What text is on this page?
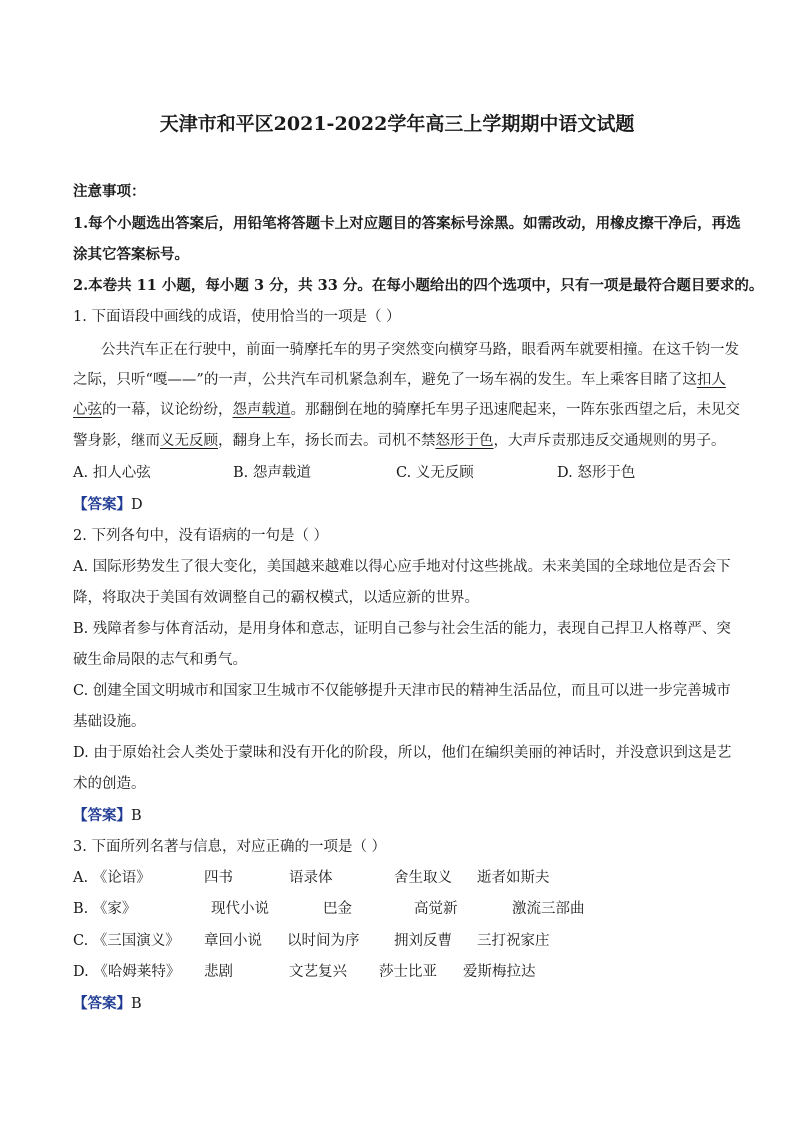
天津市和平区2021-2022学年高三上学期期中语文试题
注意事项：
1.每个小题选出答案后，用铅笔将答题卡上对应题目的答案标号涂黑。如需改动，用橡皮擦干净后，再选
涂其它答案标号。
2.本卷共 11 小题，每小题 3 分，共 33 分。在每小题给出的四个选项中，只有一项是最符合题目要求的。
1. 下面语段中画线的成语，使用恰当的一项是（ ）
公共汽车正在行驶中，前面一骑摩托车的男子突然变向横穿马路，眼看两车就要相撞。在这千钧一发
之际，只听“嘎——”的一声，公共汽车司机紧急刹车，避免了一场车祸的发生。车上乘客目睹了这扣人
心弦的一幕，议论纷纷，怨声载道。那翻倒在地的骑摩托车男子迅速爬起来，一阵东张西望之后，未见交
警身影，继而义无反顾，翻身上车，扬长而去。司机不禁怒形于色，大声斥责那违反交通规则的男子。
A. 扣人心弦	B. 怨声载道	C. 义无反顾	D. 怒形于色
【答案】D
2. 下列各句中，没有语病的一句是（ ）
A. 国际形势发生了很大变化，美国越来越难以得心应手地对付这些挑战。未来美国的全球地位是否会下
降，将取决于美国有效调整自己的霸权模式，以适应新的世界。
B. 残障者参与体育活动，是用身体和意志，证明自己参与社会生活的能力，表现自己捍卫人格尊严、突
破生命局限的志气和勇气。
C. 创建全国文明城市和国家卫生城市不仅能够提升天津市民的精神生活品位，而且可以进一步完善城市
基础设施。
D. 由于原始社会人类处于蒙昧和没有开化的阶段，所以，他们在编织美丽的神话时，并没意识到这是艺
术的创造。
【答案】B
3. 下面所列名著与信息，对应正确的一项是（ ）
A. 《论语》	四书	语录体	舍生取义 逝者如斯夫
B. 《家》	现代小说	巴金	高觉新	激流三部曲
C. 《三国演义》 章回小说 以时间为序 拥刘反曹 三打祝家庄
D. 《哈姆莱特》 悲剧	文艺复兴 莎士比亚 爱斯梅拉达
【答案】B
